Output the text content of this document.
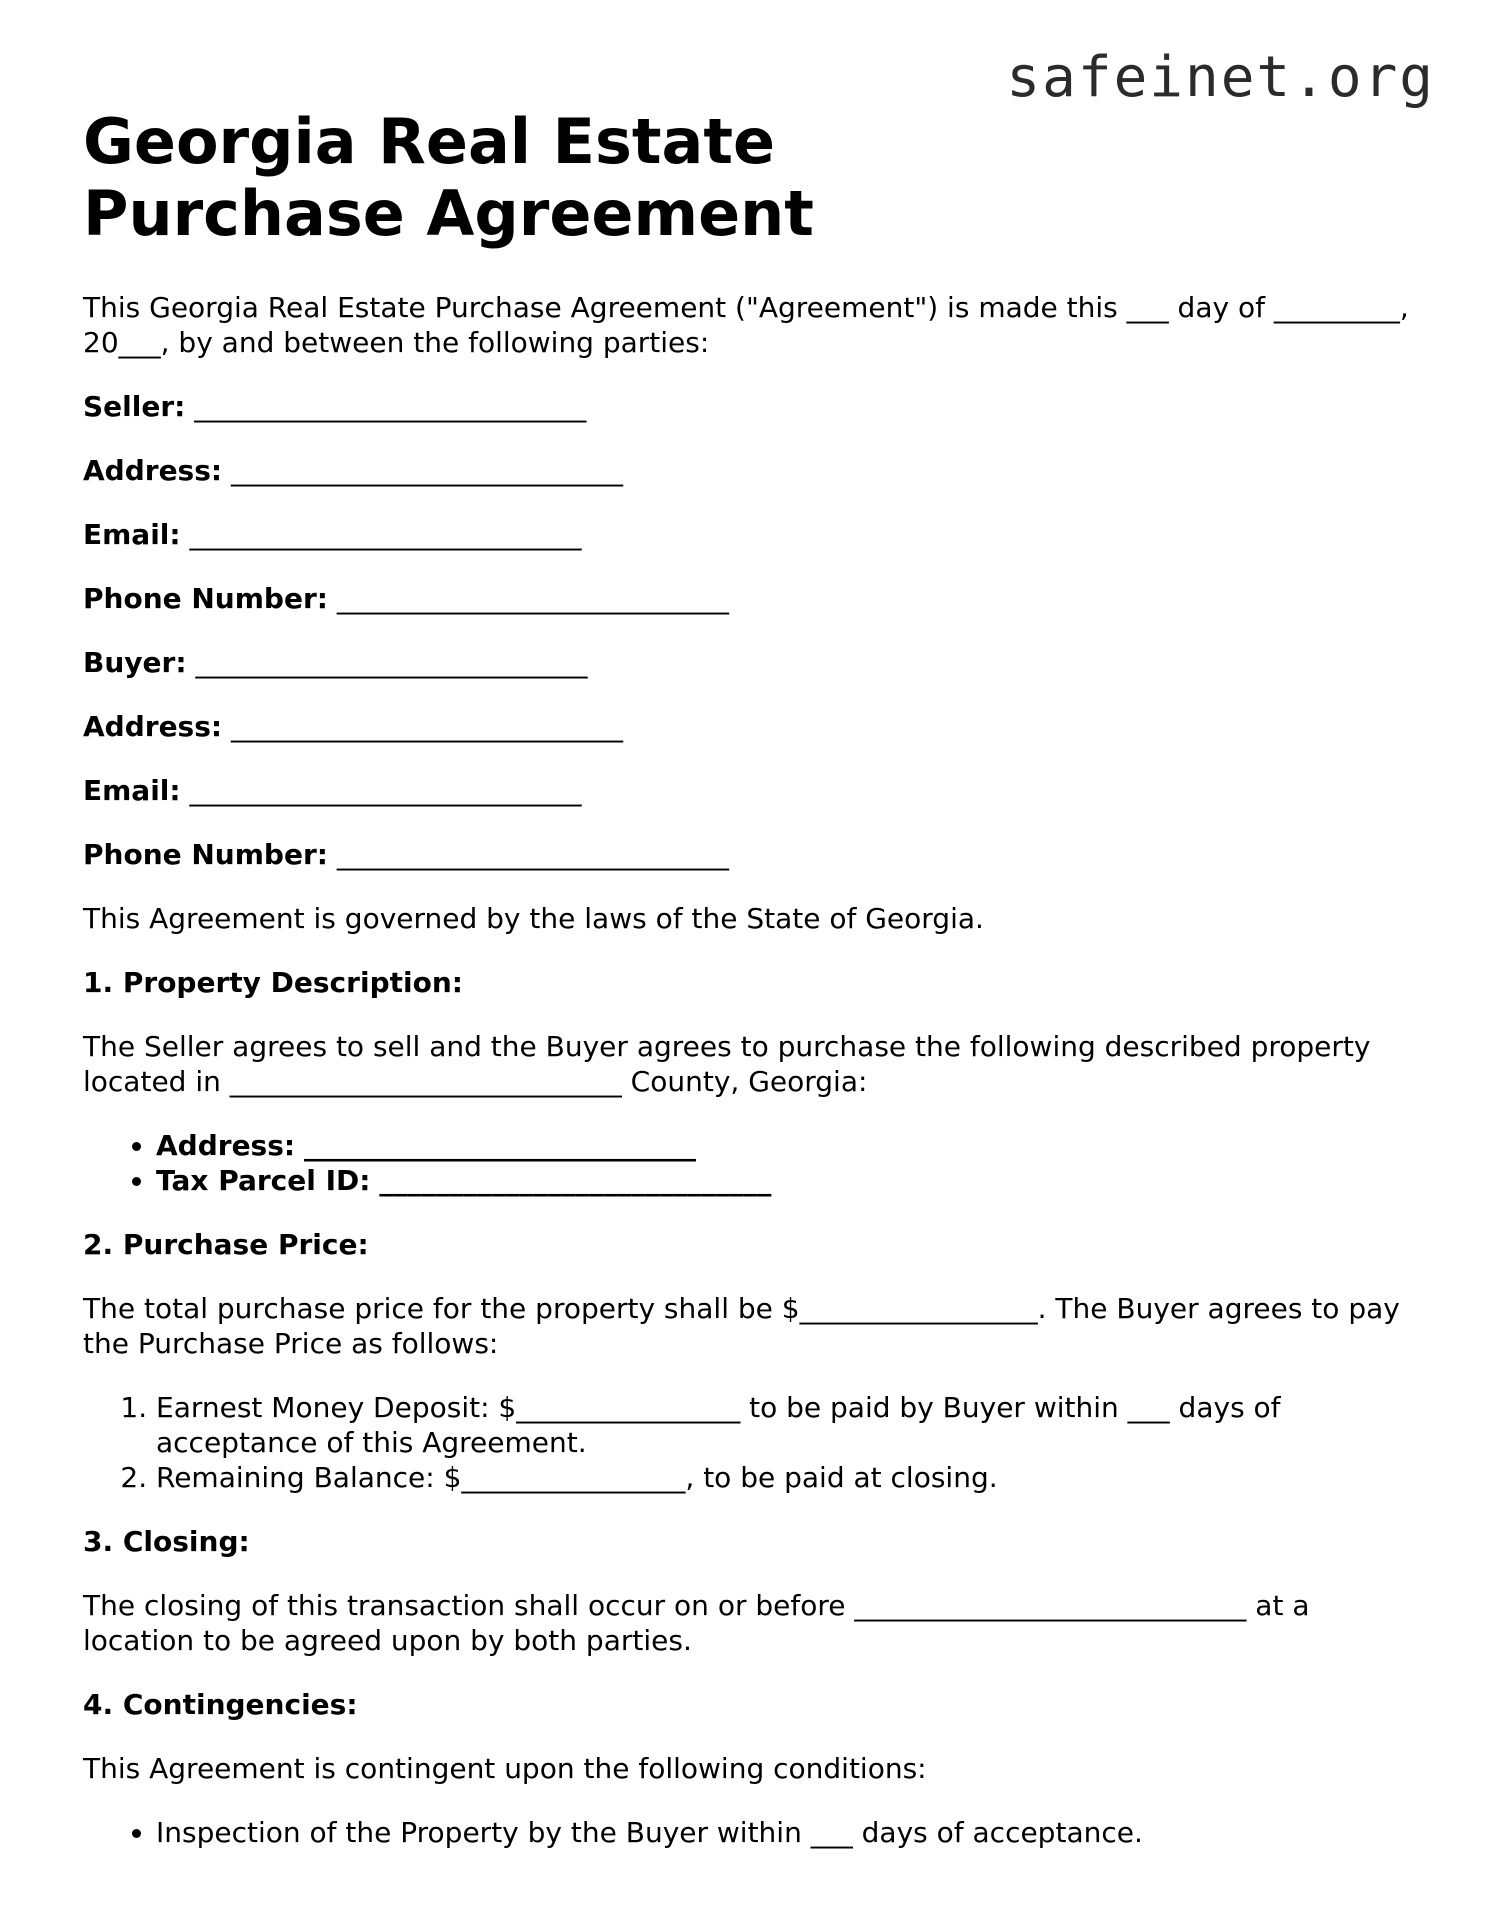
safeinet.org
Georgia Real Estate Purchase Agreement

This Georgia Real Estate Purchase Agreement ("Agreement") is made this ___ day of _________, 20___, by and between the following parties:

Seller: ____________________________
Address: ____________________________
Email: ____________________________
Phone Number: ____________________________
Buyer: ____________________________
Address: ____________________________
Email: ____________________________
Phone Number: ____________________________

This Agreement is governed by the laws of the State of Georgia.

1. Property Description:

The Seller agrees to sell and the Buyer agrees to purchase the following described property located in ____________________________ County, Georgia:

• Address: ____________________________
• Tax Parcel ID: ____________________________
2. Purchase Price:

The total purchase price for the property shall be $_________________. The Buyer agrees to pay the Purchase Price as follows:

1. Earnest Money Deposit: $________________ to be paid by Buyer within ___ days of acceptance of this Agreement.
2. Remaining Balance: $________________, to be paid at closing.
3. Closing:

The closing of this transaction shall occur on or before ____________________________ at a location to be agreed upon by both parties.

4. Contingencies:

This Agreement is contingent upon the following conditions:

• Inspection of the Property by the Buyer within ___ days of acceptance.
